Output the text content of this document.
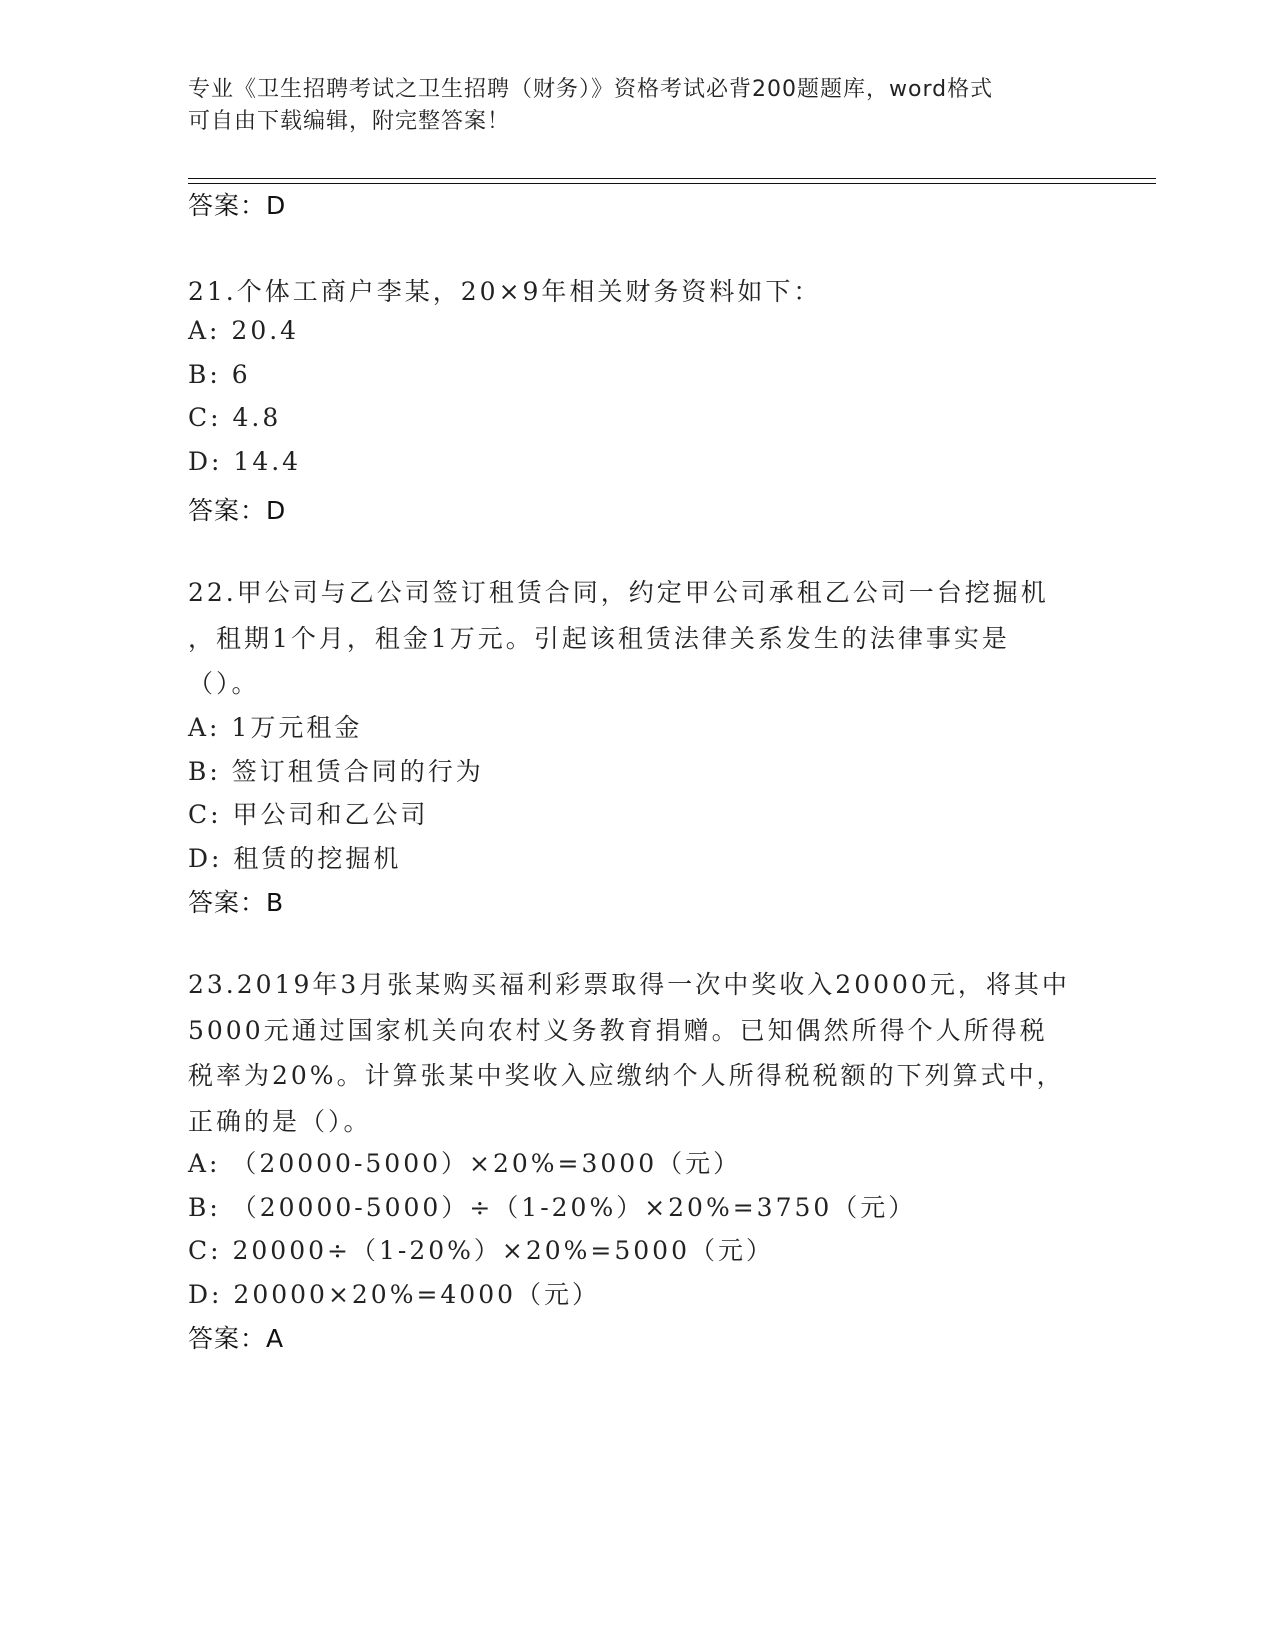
专业《卫生招聘考试之卫生招聘（财务）》资格考试必背200题题库，word格式
可自由下载编辑，附完整答案！
答案：D
21.个体工商户李某，20×9年相关财务资料如下：
A: 20.4
B: 6
C: 4.8
D: 14.4
答案：D
22.甲公司与乙公司签订租赁合同，约定甲公司承租乙公司一台挖掘机
，租期1个月，租金1万元。引起该租赁法律关系发生的法律事实是
（）。
A: 1万元租金
B: 签订租赁合同的行为
C: 甲公司和乙公司
D: 租赁的挖掘机
答案：B
23.2019年3月张某购买福利彩票取得一次中奖收入20000元，将其中
5000元通过国家机关向农村义务教育捐赠。已知偶然所得个人所得税
税率为20%。计算张某中奖收入应缴纳个人所得税税额的下列算式中，
正确的是（）。
A: （20000-5000）×20%=3000（元）
B: （20000-5000）÷（1-20%）×20%=3750（元）
C: 20000÷（1-20%）×20%=5000（元）
D: 20000×20%=4000（元）
答案：A
